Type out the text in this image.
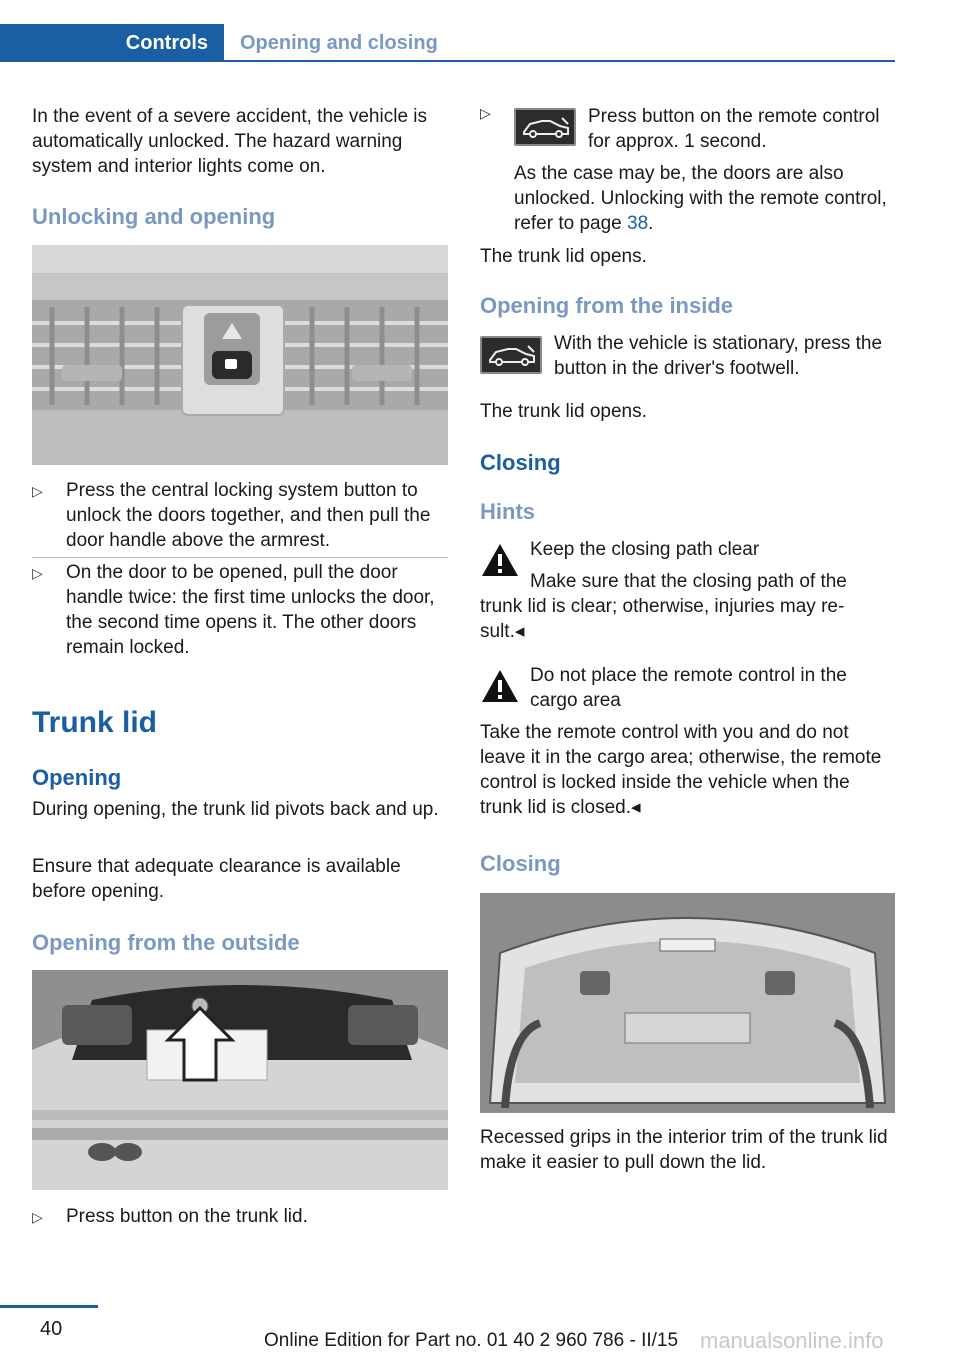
Controls	Opening and closing

In the event of a severe accident, the vehicle is automatically unlocked. The hazard warning system and interior lights come on.

Unlocking and opening
▷ Press the central locking system button to unlock the doors together, and then pull the door handle above the armrest.
▷ On the door to be opened, pull the door handle twice: the first time unlocks the door, the second time opens it. The other doors remain locked.
Trunk lid
Opening

During opening, the trunk lid pivots back and up.

Ensure that adequate clearance is available before opening.

Opening from the outside
▷ Press button on the trunk lid.
▷	Press button on the remote control for approx. 1 second.

As the case may be, the doors are also unlocked. Unlocking with the remote control, refer to page 38.

The trunk lid opens.

Opening from the inside

With the vehicle is stationary, press the button in the driver's footwell.

The trunk lid opens.

Closing
Hints

Keep the closing path clear

Make sure that the closing path of the

trunk lid is clear; otherwise, injuries may re-

sult.◂

Do not place the remote control in the cargo area

Take the remote control with you and do not leave it in the cargo area; otherwise, the remote control is locked inside the vehicle when the trunk lid is closed.◂

Closing

Recessed grips in the interior trim of the trunk lid make it easier to pull down the lid.

40
Online Edition for Part no. 01 40 2 960 786 - II/15 manualsonline.info
